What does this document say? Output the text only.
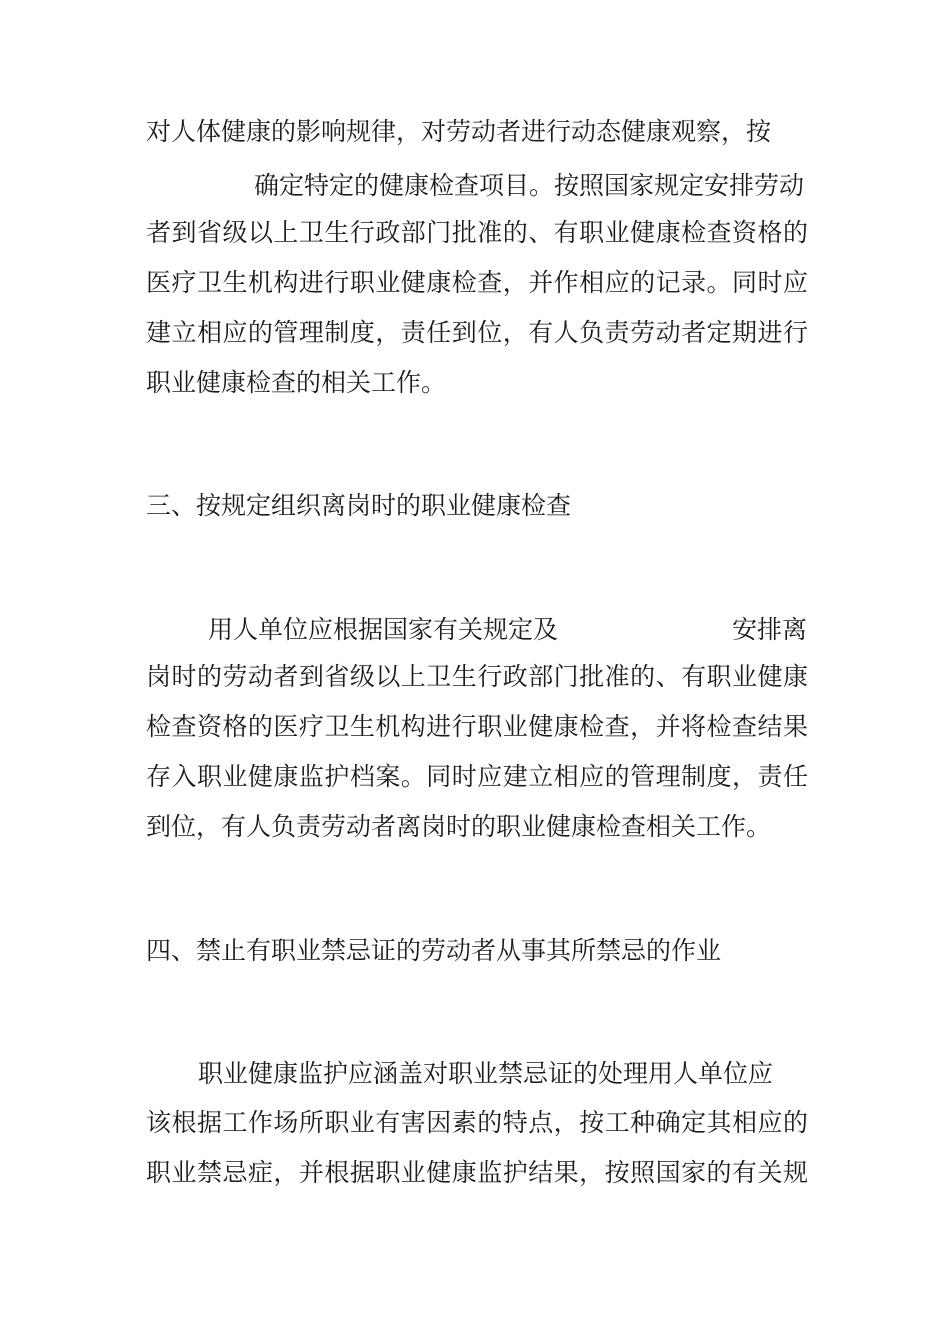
对人体健康的影响规律，对劳动者进行动态健康观察，按
确定特定的健康检查项目。按照国家规定安排劳动
者到省级以上卫生行政部门批准的、有职业健康检查资格的
医疗卫生机构进行职业健康检查，并作相应的记录。同时应
建立相应的管理制度，责任到位，有人负责劳动者定期进行
职业健康检查的相关工作。
三、按规定组织离岗时的职业健康检查
用人单位应根据国家有关规定及	安排离
岗时的劳动者到省级以上卫生行政部门批准的、有职业健康
检查资格的医疗卫生机构进行职业健康检查，并将检查结果
存入职业健康监护档案。同时应建立相应的管理制度，责任
到位，有人负责劳动者离岗时的职业健康检查相关工作。
四、禁止有职业禁忌证的劳动者从事其所禁忌的作业
职业健康监护应涵盖对职业禁忌证的处理用人单位应
该根据工作场所职业有害因素的特点，按工种确定其相应的
职业禁忌症，并根据职业健康监护结果，按照国家的有关规
